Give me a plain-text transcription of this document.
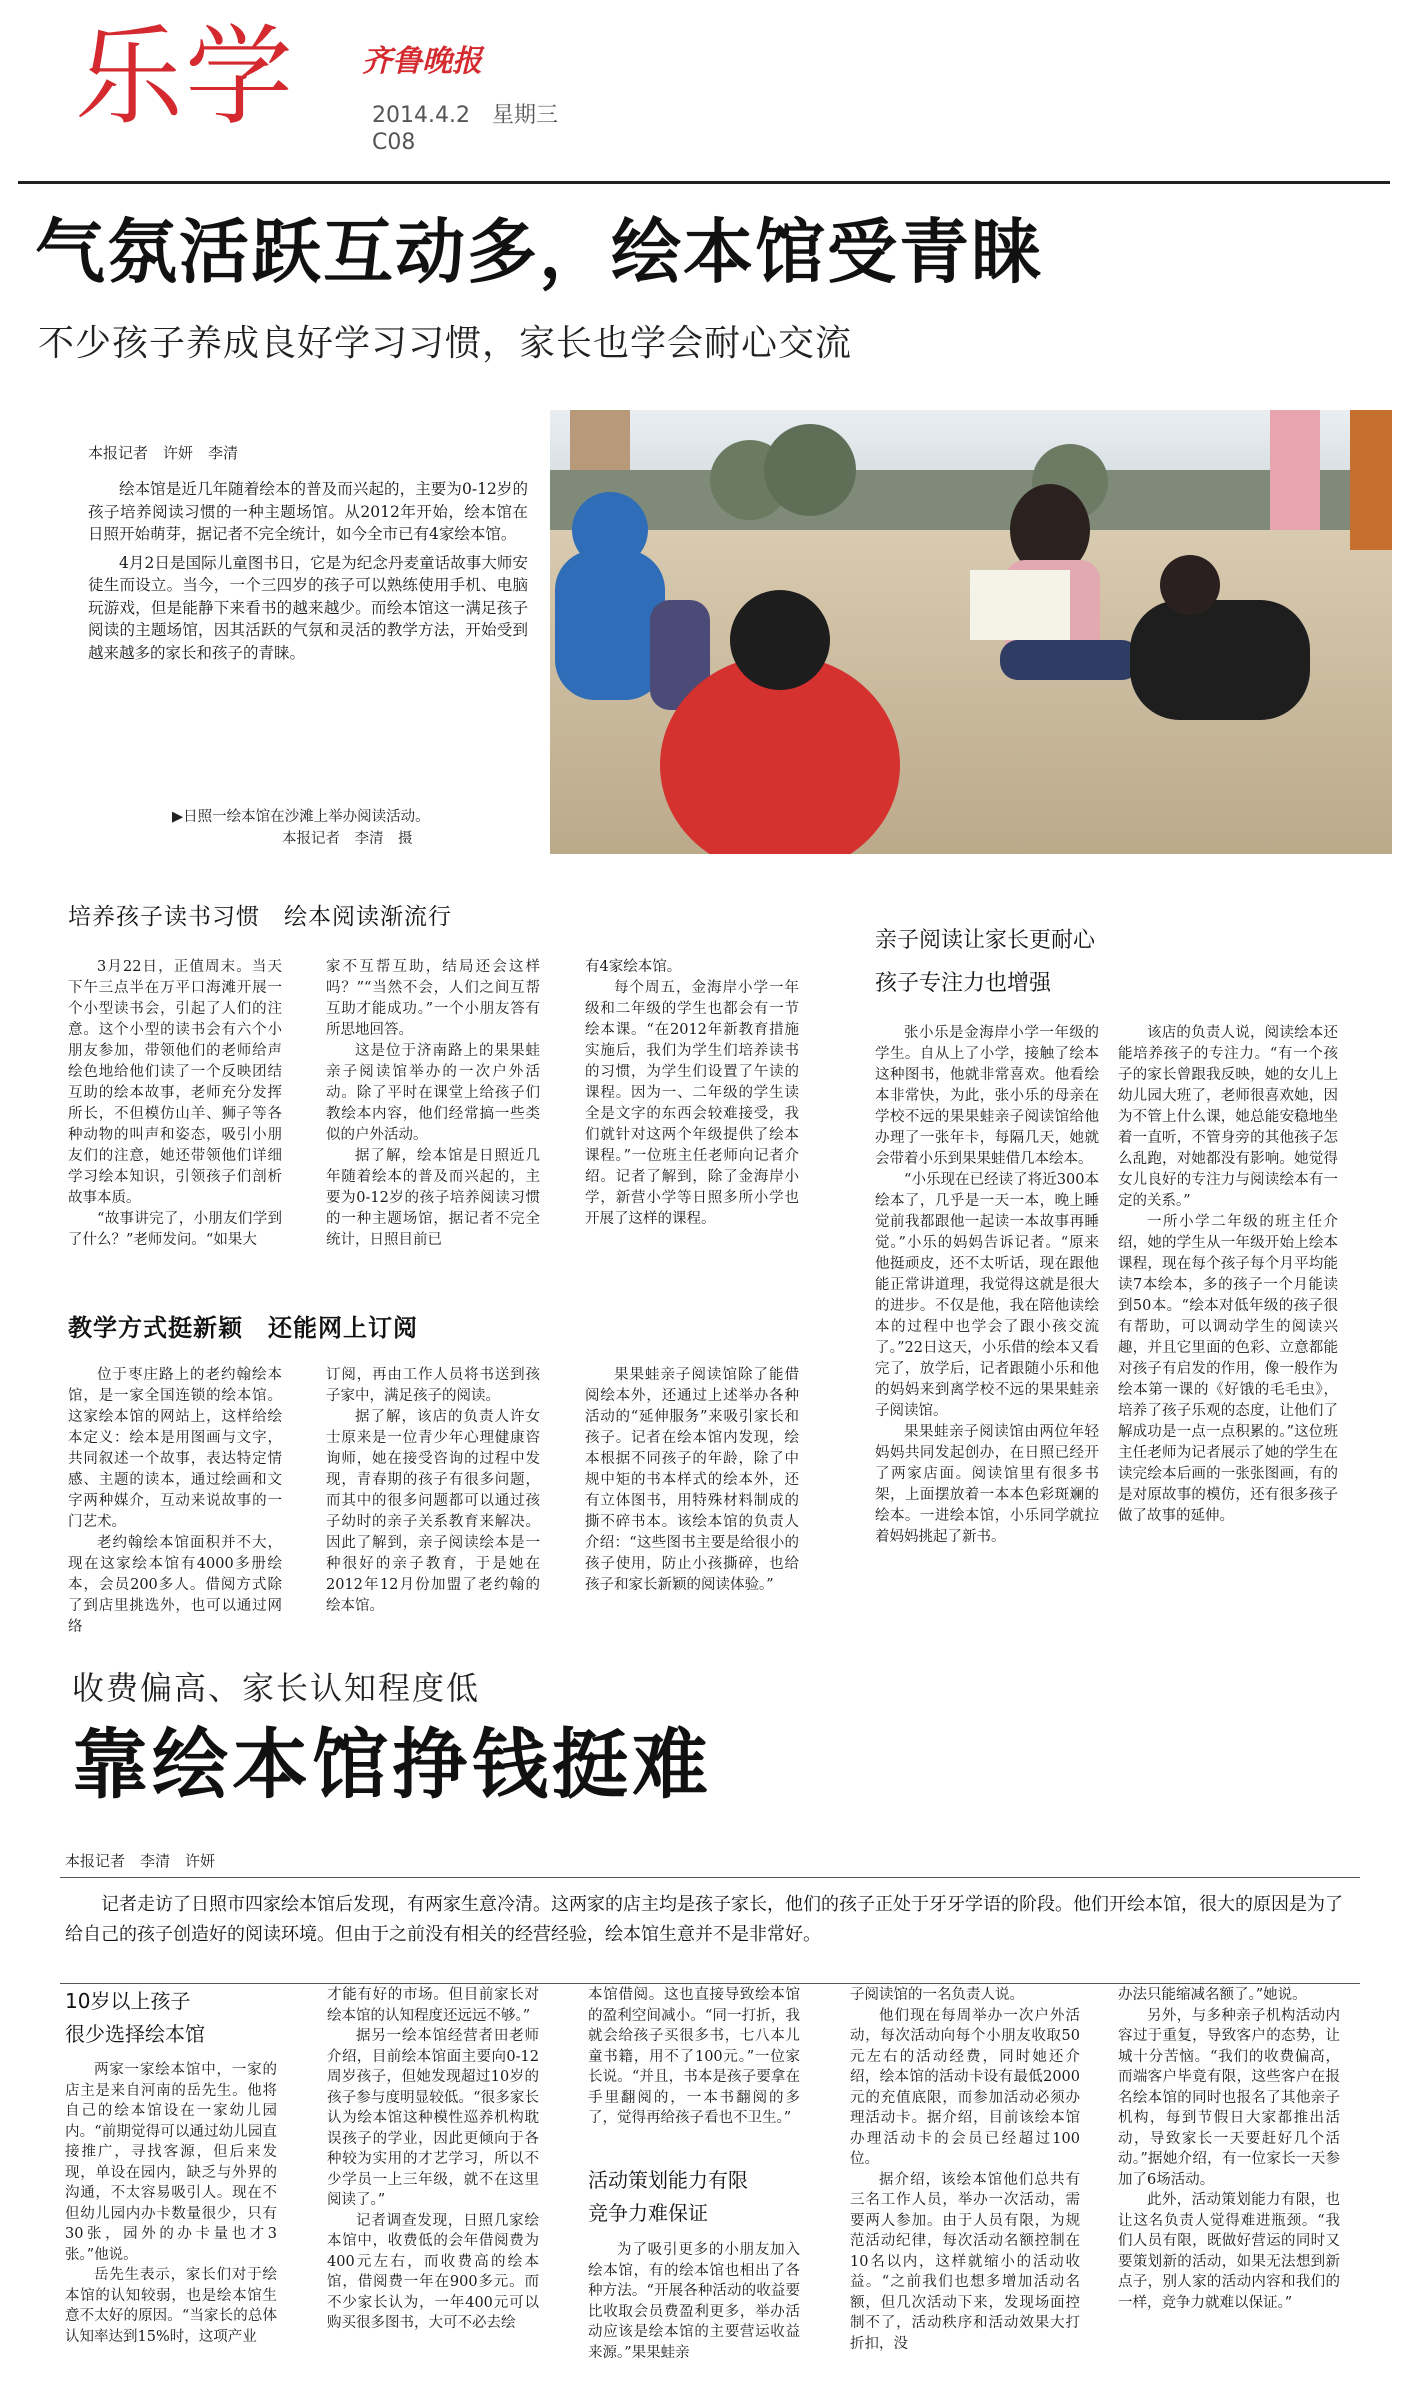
乐学 齐鲁晚报
2014.4.2　星期三
C08
气氛活跃互动多，绘本馆受青睐
不少孩子养成良好学习习惯，家长也学会耐心交流
本报记者　许妍　李清

绘本馆是近几年随着绘本的普及而兴起的，主要为0-12岁的孩子培养阅读习惯的一种主题场馆。从2012年开始，绘本馆在日照开始萌芽，据记者不完全统计，如今全市已有4家绘本馆。

4月2日是国际儿童图书日，它是为纪念丹麦童话故事大师安徒生而设立。当今，一个三四岁的孩子可以熟练使用手机、电脑玩游戏，但是能静下来看书的越来越少。而绘本馆这一满足孩子阅读的主题场馆，因其活跃的气氛和灵活的教学方法，开始受到越来越多的家长和孩子的青睐。

▶日照一绘本馆在沙滩上举办阅读活动。
本报记者　李清　摄
培养孩子读书习惯　绘本阅读渐流行

3月22日，正值周末。当天下午三点半在万平口海滩开展一个小型读书会，引起了人们的注意。这个小型的读书会有六个小朋友参加，带领他们的老师给声绘色地给他们读了一个反映团结互助的绘本故事，老师充分发挥所长，不但模仿山羊、狮子等各种动物的叫声和姿态，吸引小朋友们的注意，她还带领他们详细学习绘本知识，引领孩子们剖析故事本质。

“故事讲完了，小朋友们学到了什么？”老师发问。“如果大

家不互帮互助，结局还会这样吗？”“当然不会，人们之间互帮互助才能成功。”一个小朋友答有所思地回答。

这是位于济南路上的果果蛙亲子阅读馆举办的一次户外活动。除了平时在课堂上给孩子们教绘本内容，他们经常搞一些类似的户外活动。

据了解，绘本馆是日照近几年随着绘本的普及而兴起的，主要为0-12岁的孩子培养阅读习惯的一种主题场馆，据记者不完全统计，日照目前已

有4家绘本馆。

每个周五，金海岸小学一年级和二年级的学生也都会有一节绘本课。“在2012年新教育措施实施后，我们为学生们培养读书的习惯，为学生们设置了午读的课程。因为一、二年级的学生读全是文字的东西会较难接受，我们就针对这两个年级提供了绘本课程。”一位班主任老师向记者介绍。记者了解到，除了金海岸小学，新营小学等日照多所小学也开展了这样的课程。

教学方式挺新颖　还能网上订阅

位于枣庄路上的老约翰绘本馆，是一家全国连锁的绘本馆。这家绘本馆的网站上，这样给绘本定义：绘本是用图画与文字，共同叙述一个故事，表达特定情感、主题的读本，通过绘画和文字两种媒介，互动来说故事的一门艺术。

老约翰绘本馆面积并不大，现在这家绘本馆有4000多册绘本，会员200多人。借阅方式除了到店里挑选外，也可以通过网络

订阅，再由工作人员将书送到孩子家中，满足孩子的阅读。

据了解，该店的负责人许女士原来是一位青少年心理健康咨询师，她在接受咨询的过程中发现，青春期的孩子有很多问题，而其中的很多问题都可以通过孩子幼时的亲子关系教育来解决。因此了解到，亲子阅读绘本是一种很好的亲子教育，于是她在2012年12月份加盟了老约翰的绘本馆。

果果蛙亲子阅读馆除了能借阅绘本外，还通过上述举办各种活动的“延伸服务”来吸引家长和孩子。记者在绘本馆内发现，绘本根据不同孩子的年龄，除了中规中矩的书本样式的绘本外，还有立体图书，用特殊材料制成的撕不碎书本。该绘本馆的负责人介绍：“这些图书主要是给很小的孩子使用，防止小孩撕碎，也给孩子和家长新颖的阅读体验。”

亲子阅读让家长更耐心
孩子专注力也增强

张小乐是金海岸小学一年级的学生。自从上了小学，接触了绘本这种图书，他就非常喜欢。他看绘本非常快，为此，张小乐的母亲在学校不远的果果蛙亲子阅读馆给他办理了一张年卡，每隔几天，她就会带着小乐到果果蛙借几本绘本。

“小乐现在已经读了将近300本绘本了，几乎是一天一本，晚上睡觉前我都跟他一起读一本故事再睡觉。”小乐的妈妈告诉记者。“原来他挺顽皮，还不太听话，现在跟他能正常讲道理，我觉得这就是很大的进步。不仅是他，我在陪他读绘本的过程中也学会了跟小孩交流了。”22日这天，小乐借的绘本又看完了，放学后，记者跟随小乐和他的妈妈来到离学校不远的果果蛙亲子阅读馆。

果果蛙亲子阅读馆由两位年轻妈妈共同发起创办，在日照已经开了两家店面。阅读馆里有很多书架，上面摆放着一本本色彩斑斓的绘本。一进绘本馆，小乐同学就拉着妈妈挑起了新书。

该店的负责人说，阅读绘本还能培养孩子的专注力。“有一个孩子的家长曾跟我反映，她的女儿上幼儿园大班了，老师很喜欢她，因为不管上什么课，她总能安稳地坐着一直听，不管身旁的其他孩子怎么乱跑，对她都没有影响。她觉得女儿良好的专注力与阅读绘本有一定的关系。”

一所小学二年级的班主任介绍，她的学生从一年级开始上绘本课程，现在每个孩子每个月平均能读7本绘本，多的孩子一个月能读到50本。“绘本对低年级的孩子很有帮助，可以调动学生的阅读兴趣，并且它里面的色彩、立意都能对孩子有启发的作用，像一般作为绘本第一课的《好饿的毛毛虫》，培养了孩子乐观的态度，让他们了解成功是一点一点积累的。”这位班主任老师为记者展示了她的学生在读完绘本后画的一张张图画，有的是对原故事的模仿，还有很多孩子做了故事的延伸。

收费偏高、家长认知程度低
靠绘本馆挣钱挺难
本报记者　李清　许妍
记者走访了日照市四家绘本馆后发现，有两家生意冷清。这两家的店主均是孩子家长，他们的孩子正处于牙牙学语的阶段。他们开绘本馆，很大的原因是为了给自己的孩子创造好的阅读环境。但由于之前没有相关的经营经验，绘本馆生意并不是非常好。
10岁以上孩子
很少选择绘本馆

两家一家绘本馆中，一家的店主是来自河南的岳先生。他将自己的绘本馆设在一家幼儿园内。“前期觉得可以通过幼儿园直接推广，寻找客源，但后来发现，单设在园内，缺乏与外界的沟通，不太容易吸引人。现在不但幼儿园内办卡数量很少，只有30张，园外的办卡量也才3张。”他说。

岳先生表示，家长们对于绘本馆的认知较弱，也是绘本馆生意不太好的原因。“当家长的总体认知率达到15%时，这项产业

才能有好的市场。但目前家长对绘本馆的认知程度还远远不够。”

据另一绘本馆经营者田老师介绍，目前绘本馆面主要向0-12周岁孩子，但她发现超过10岁的孩子参与度明显较低。“很多家长认为绘本馆这种模性巡养机构耽误孩子的学业，因此更倾向于各种较为实用的才艺学习，所以不少学员一上三年级，就不在这里阅读了。”

记者调查发现，日照几家绘本馆中，收费低的会年借阅费为400元左右，而收费高的绘本馆，借阅费一年在900多元。而不少家长认为，一年400元可以购买很多图书，大可不必去绘

本馆借阅。这也直接导致绘本馆的盈利空间减小。“同一打折，我就会给孩子买很多书，七八本儿童书籍，用不了100元。”一位家长说。“并且，书本是孩子要拿在手里翻阅的，一本书翻阅的多了，觉得再给孩子看也不卫生。”

活动策划能力有限
竞争力难保证

为了吸引更多的小朋友加入绘本馆，有的绘本馆也相出了各种方法。“开展各种活动的收益要比收取会员费盈利更多，举办活动应该是绘本馆的主要营运收益来源。”果果蛙亲

子阅读馆的一名负责人说。

他们现在每周举办一次户外活动，每次活动向每个小朋友收取50元左右的活动经费，同时她还介绍，绘本馆的活动卡设有最低2000元的充值底限，而参加活动必须办理活动卡。据介绍，目前该绘本馆办理活动卡的会员已经超过100位。

据介绍，该绘本馆他们总共有三名工作人员，举办一次活动，需要两人参加。由于人员有限，为规范活动纪律，每次活动名额控制在10名以内，这样就缩小的活动收益。“之前我们也想多增加活动名额，但几次活动下来，发现场面控制不了，活动秩序和活动效果大打折扣，没

办法只能缩减名额了。”她说。

另外，与多种亲子机构活动内容过于重复，导致客户的态势，让城十分苦恼。“我们的收费偏高，而端客户毕竟有限，这些客户在报名绘本馆的同时也报名了其他亲子机构，每到节假日大家都推出活动，导致家长一天要赶好几个活动。”据她介绍，有一位家长一天参加了6场活动。

此外，活动策划能力有限，也让这名负责人觉得难进瓶颈。“我们人员有限，既做好营运的同时又要策划新的活动，如果无法想到新点子，别人家的活动内容和我们的一样，竞争力就难以保证。”
